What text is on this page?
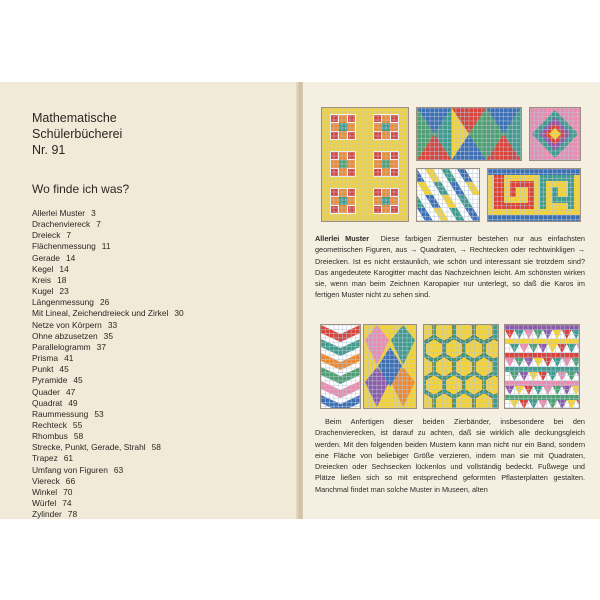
Mathematische
Schülerbücherei
Nr. 91
Wo finde ich was?
Allerlei Muster 3
Drachenviereck 7
Dreieck 7
Flächenmessung 11
Gerade 14
Kegel 14
Kreis 18
Kugel 23
Längenmessung 26
Mit Lineal, Zeichendreieck und Zirkel 30
Netze von Körpern 33
Ohne abzusetzen 35
Parallelogramm 37
Prisma 41
Punkt 45
Pyramide 45
Quader 47
Quadrat 49
Raummessung 53
Rechteck 55
Rhombus 58
Strecke, Punkt, Gerade, Strahl 58
Trapez 61
Umfang von Figuren 63
Viereck 66
Winkel 70
Würfel 74
Zylinder 78

Allerlei Muster Diese farbigen Ziermuster bestehen nur aus einfachsten geometrischen Figuren, aus → Quadraten, → Rechtecken oder rechtwinkligen → Dreiecken. Ist es nicht erstaunlich, wie schön und interessant sie trotzdem sind? Das angedeutete Karogitter macht das Nachzeichnen leicht. Am schönsten wirken sie, wenn man beim Zeichnen Karopapier nur unterlegt, so daß die Karos im fertigen Muster nicht zu sehen sind.

Beim Anfertigen dieser beiden Zierbänder, insbesondere bei den Drachenvierecken, ist darauf zu achten, daß sie wirklich alle deckungsgleich werden. Mit den folgenden beiden Mustern kann man nicht nur ein Band, sondern eine Fläche von beliebiger Größe verzieren, indem man sie mit Quadraten, Dreiecken oder Sechsecken lückenlos und vollständig bedeckt. Fußwege und Plätze ließen sich so mit entsprechend geformten Pflasterplatten gestalten. Manchmal findet man solche Muster in Museen, alten
